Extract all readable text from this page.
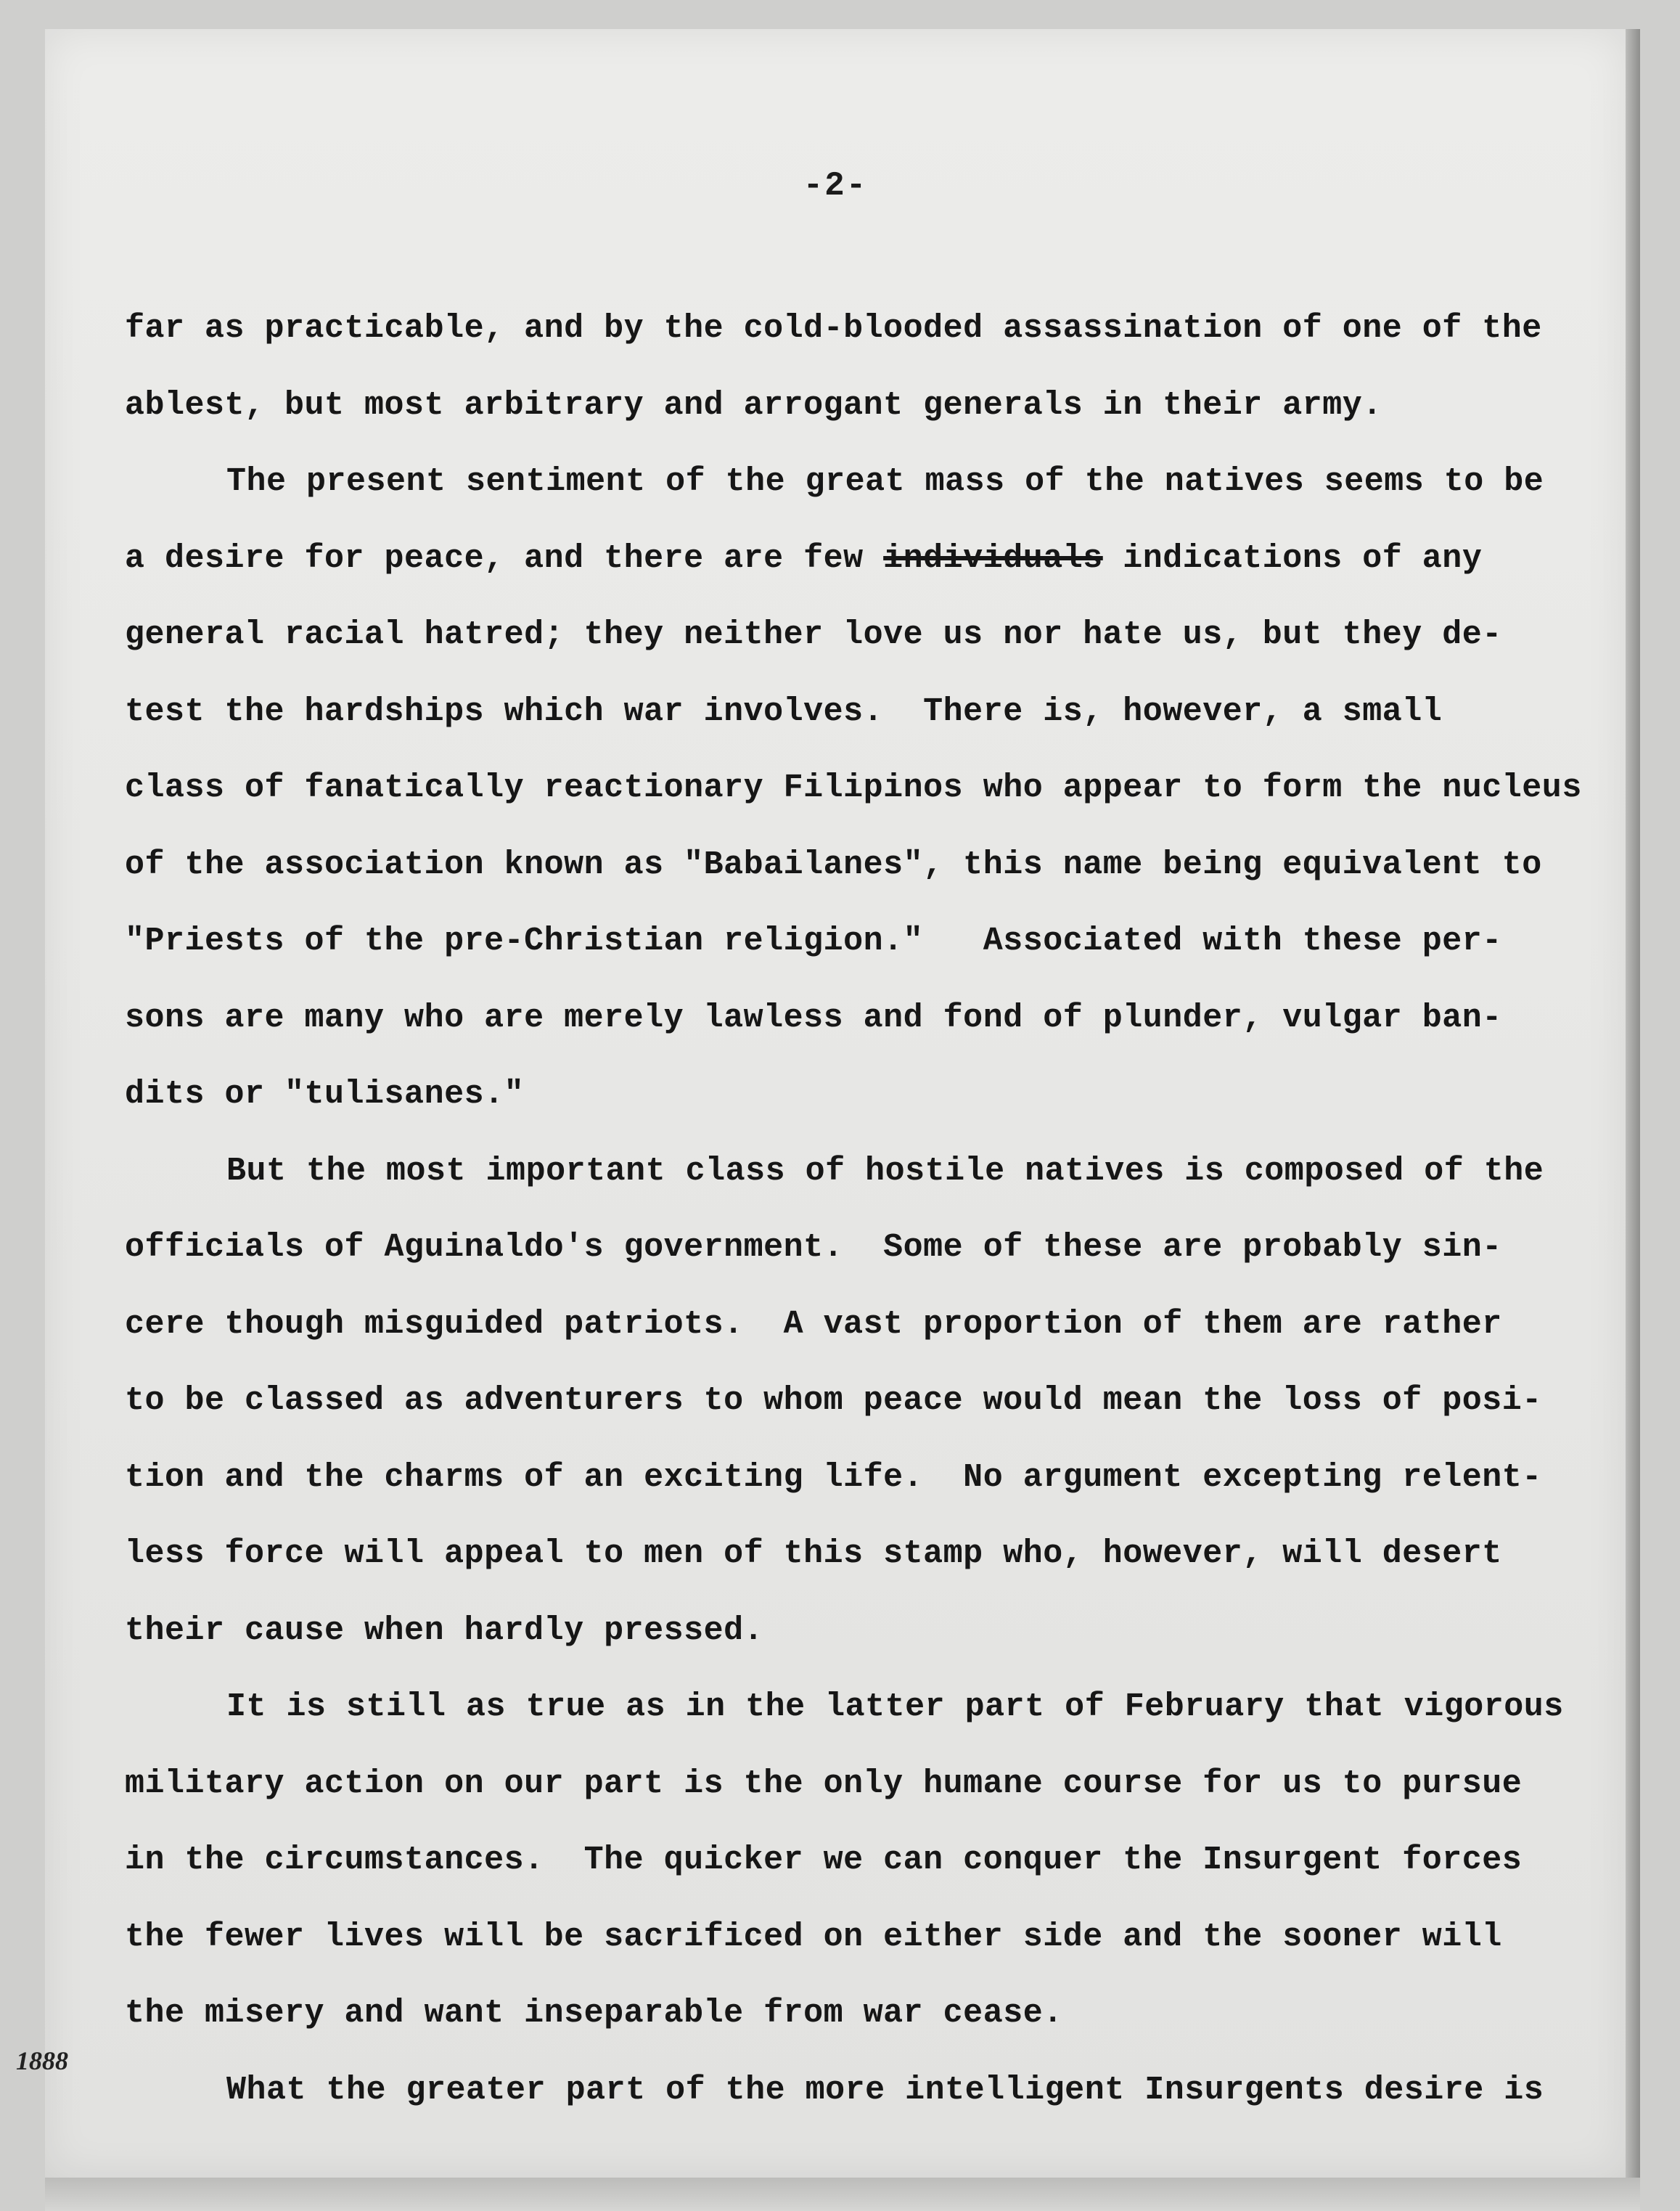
-2-
far as practicable, and by the cold-blooded assassination of one of the
ablest, but most arbitrary and arrogant generals in their army.
The present sentiment of the great mass of the natives seems to be
a desire for peace, and there are few individuals indications of any
general racial hatred; they neither love us nor hate us, but they de-
test the hardships which war involves.  There is, however, a small
class of fanatically reactionary Filipinos who appear to form the nucleus
of the association known as "Babailanes", this name being equivalent to
"Priests of the pre-Christian religion."   Associated with these per-
sons are many who are merely lawless and fond of plunder, vulgar ban-
dits or "tulisanes."
But the most important class of hostile natives is composed of the
officials of Aguinaldo's government.  Some of these are probably sin-
cere though misguided patriots.  A vast proportion of them are rather
to be classed as adventurers to whom peace would mean the loss of posi-
tion and the charms of an exciting life.  No argument excepting relent-
less force will appeal to men of this stamp who, however, will desert
their cause when hardly pressed.
It is still as true as in the latter part of February that vigorous
military action on our part is the only humane course for us to pursue
in the circumstances.  The quicker we can conquer the Insurgent forces
the fewer lives will be sacrificed on either side and the sooner will
the misery and want inseparable from war cease.
What the greater part of the more intelligent Insurgents desire is
1888
